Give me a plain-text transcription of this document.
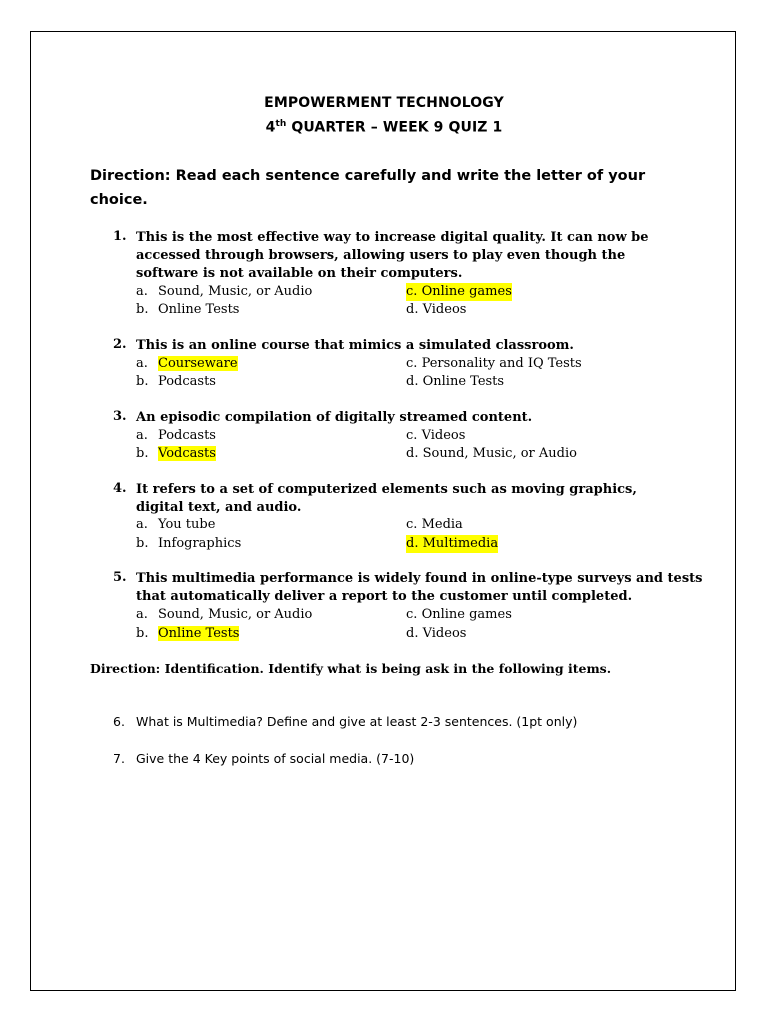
EMPOWERMENT TECHNOLOGY
4th QUARTER – WEEK 9 QUIZ 1
Direction: Read each sentence carefully and write the letter of your choice.
1. This is the most effective way to increase digital quality. It can now be accessed through browsers, allowing users to play even though the software is not available on their computers.
a. Sound, Music, or Audio
b. Online Tests
c. Online games
d. Videos
2. This is an online course that mimics a simulated classroom.
a. Courseware
b. Podcasts
c. Personality and IQ Tests
d. Online Tests
3. An episodic compilation of digitally streamed content.
a. Podcasts
b. Vodcasts
c. Videos
d. Sound, Music, or Audio
4. It refers to a set of computerized elements such as moving graphics, digital text, and audio.
a. You tube
b. Infographics
c. Media
d. Multimedia
5. This multimedia performance is widely found in online-type surveys and tests that automatically deliver a report to the customer until completed.
a. Sound, Music, or Audio
b. Online Tests
c. Online games
d. Videos
Direction: Identification. Identify what is being ask in the following items.
6. What is Multimedia? Define and give at least 2-3 sentences. (1pt only)
7. Give the 4 Key points of social media. (7-10)
